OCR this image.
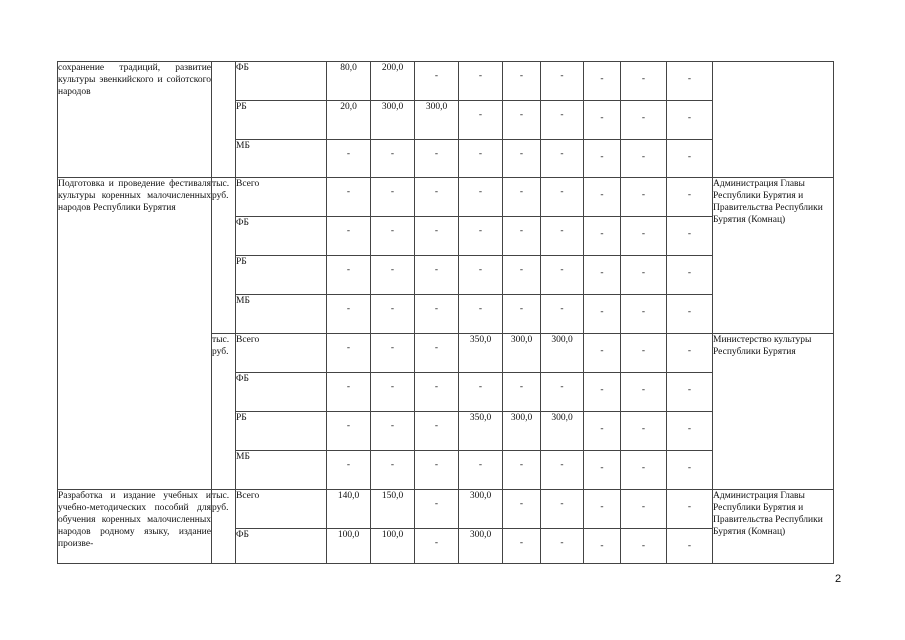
сохранение традиций, развитие культуры эвенкийского и сойотского народов		ФБ	80,0	200,0	-	-	-	-	-	-	-	
		РБ	20,0	300,0	300,0	-	-	-	-	-	-	
		МБ	-	-	-	-	-	-	-	-	-	
Подготовка и проведение фестиваля культуры коренных малочисленных народов Республики Бурятия	тыс. руб.	Всего	-	-	-	-	-	-	-	-	-	Администрация Главы Республики Бурятия и Правительства Республики Бурятия (Комнац)
		ФБ	-	-	-	-	-	-	-	-	-	
		РБ	-	-	-	-	-	-	-	-	-	
		МБ	-	-	-	-	-	-	-	-	-	
	тыс. руб.	Всего	-	-	-	350,0	300,0	300,0	-	-	-	Министерство культуры Республики Бурятия
		ФБ	-	-	-	-	-	-	-	-	-	
		РБ	-	-	-	350,0	300,0	300,0	-	-	-	
		МБ	-	-	-	-	-	-	-	-	-	
Разработка и издание учебных и учебно-методических пособий для обучения коренных малочисленных народов родному языку, издание произве-	тыс. руб.	Всего	140,0	150,0	-	300,0	-	-	-	-	-	Администрация Главы Республики Бурятия и Правительства Республики Бурятия (Комнац)
		ФБ	100,0	100,0	-	300,0	-	-	-	-	-	
2
